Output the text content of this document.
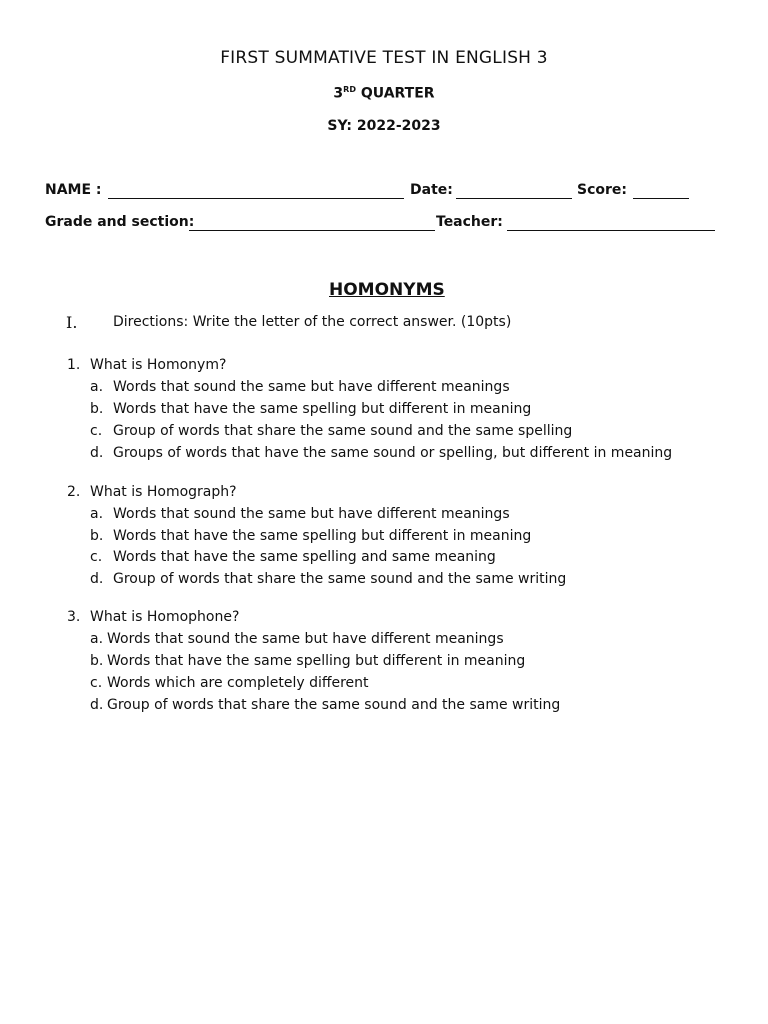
FIRST SUMMATIVE TEST IN ENGLISH 3
3RD QUARTER
SY: 2022-2023
NAME :	Date:	Score:
Grade and section:	Teacher:
HOMONYMS
I.	Directions: Write the letter of the correct answer. (10pts)
1. What is Homonym?
a. Words that sound the same but have different meanings
b. Words that have the same spelling but different in meaning
c. Group of words that share the same sound and the same spelling
d. Groups of words that have the same sound or spelling, but different in meaning
2. What is Homograph?
a. Words that sound the same but have different meanings
b. Words that have the same spelling but different in meaning
c. Words that have the same spelling and same meaning
d. Group of words that share the same sound and the same writing
3. What is Homophone?
a. Words that sound the same but have different meanings
b. Words that have the same spelling but different in meaning
c. Words which are completely different
d. Group of words that share the same sound and the same writing
